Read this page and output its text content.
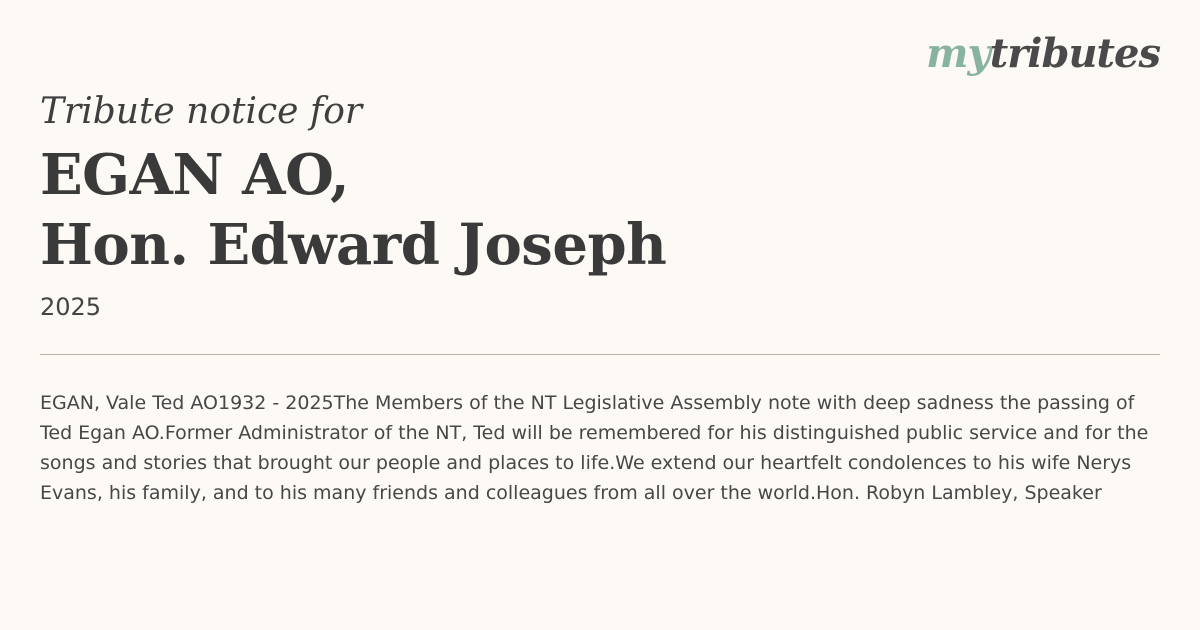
mytributes
Tribute notice for
EGAN AO,
Hon. Edward Joseph
2025
EGAN, Vale Ted AO1932 - 2025The Members of the NT Legislative Assembly note with deep sadness the passing of Ted Egan AO.Former Administrator of the NT, Ted will be remembered for his distinguished public service and for the songs and stories that brought our people and places to life.We extend our heartfelt condolences to his wife Nerys Evans, his family, and to his many friends and colleagues from all over the world.Hon. Robyn Lambley, Speaker
